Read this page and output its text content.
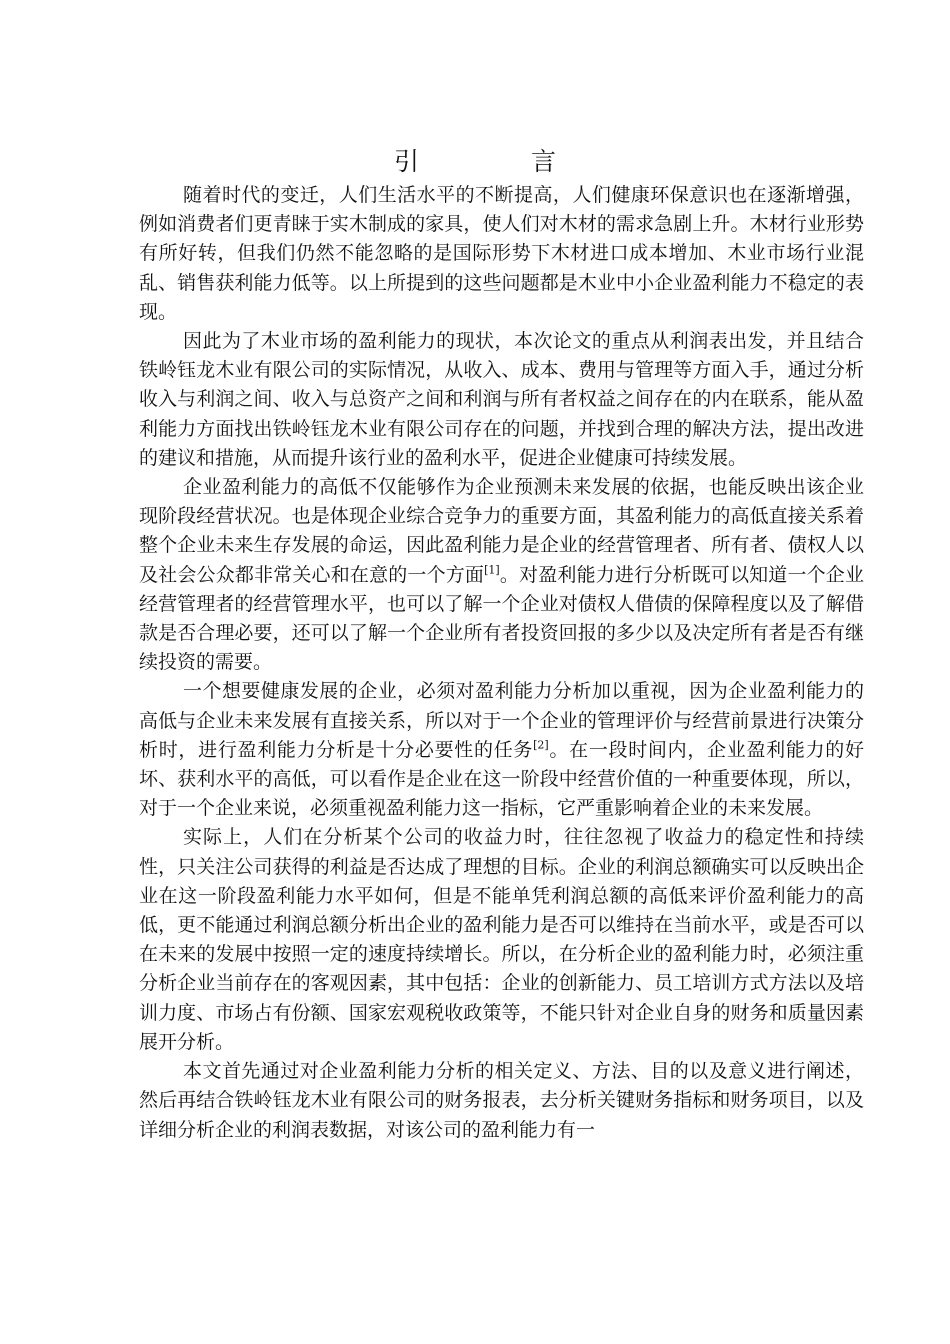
引 言

随着时代的变迁，人们生活水平的不断提高，人们健康环保意识也在逐渐增强，例如消费者们更青睐于实木制成的家具，使人们对木材的需求急剧上升。木材行业形势有所好转，但我们仍然不能忽略的是国际形势下木材进口成本增加、木业市场行业混乱、销售获利能力低等。以上所提到的这些问题都是木业中小企业盈利能力不稳定的表现。

因此为了木业市场的盈利能力的现状，本次论文的重点从利润表出发，并且结合铁岭钰龙木业有限公司的实际情况，从收入、成本、费用与管理等方面入手，通过分析收入与利润之间、收入与总资产之间和利润与所有者权益之间存在的内在联系，能从盈利能力方面找出铁岭钰龙木业有限公司存在的问题，并找到合理的解决方法，提出改进的建议和措施，从而提升该行业的盈利水平，促进企业健康可持续发展。

企业盈利能力的高低不仅能够作为企业预测未来发展的依据，也能反映出该企业现阶段经营状况。也是体现企业综合竞争力的重要方面，其盈利能力的高低直接关系着整个企业未来生存发展的命运，因此盈利能力是企业的经营管理者、所有者、债权人以及社会公众都非常关心和在意的一个方面[1]。对盈利能力进行分析既可以知道一个企业经营管理者的经营管理水平，也可以了解一个企业对债权人借债的保障程度以及了解借款是否合理必要，还可以了解一个企业所有者投资回报的多少以及决定所有者是否有继续投资的需要。

一个想要健康发展的企业，必须对盈利能力分析加以重视，因为企业盈利能力的高低与企业未来发展有直接关系，所以对于一个企业的管理评价与经营前景进行决策分析时，进行盈利能力分析是十分必要性的任务[2]。在一段时间内，企业盈利能力的好坏、获利水平的高低，可以看作是企业在这一阶段中经营价值的一种重要体现，所以，对于一个企业来说，必须重视盈利能力这一指标，它严重影响着企业的未来发展。

实际上，人们在分析某个公司的收益力时，往往忽视了收益力的稳定性和持续性，只关注公司获得的利益是否达成了理想的目标。企业的利润总额确实可以反映出企业在这一阶段盈利能力水平如何，但是不能单凭利润总额的高低来评价盈利能力的高低，更不能通过利润总额分析出企业的盈利能力是否可以维持在当前水平，或是否可以在未来的发展中按照一定的速度持续增长。所以，在分析企业的盈利能力时，必须注重分析企业当前存在的客观因素，其中包括：企业的创新能力、员工培训方式方法以及培训力度、市场占有份额、国家宏观税收政策等，不能只针对企业自身的财务和质量因素展开分析。

本文首先通过对企业盈利能力分析的相关定义、方法、目的以及意义进行阐述，然后再结合铁岭钰龙木业有限公司的财务报表，去分析关键财务指标和财务项目，以及详细分析企业的利润表数据，对该公司的盈利能力有一
